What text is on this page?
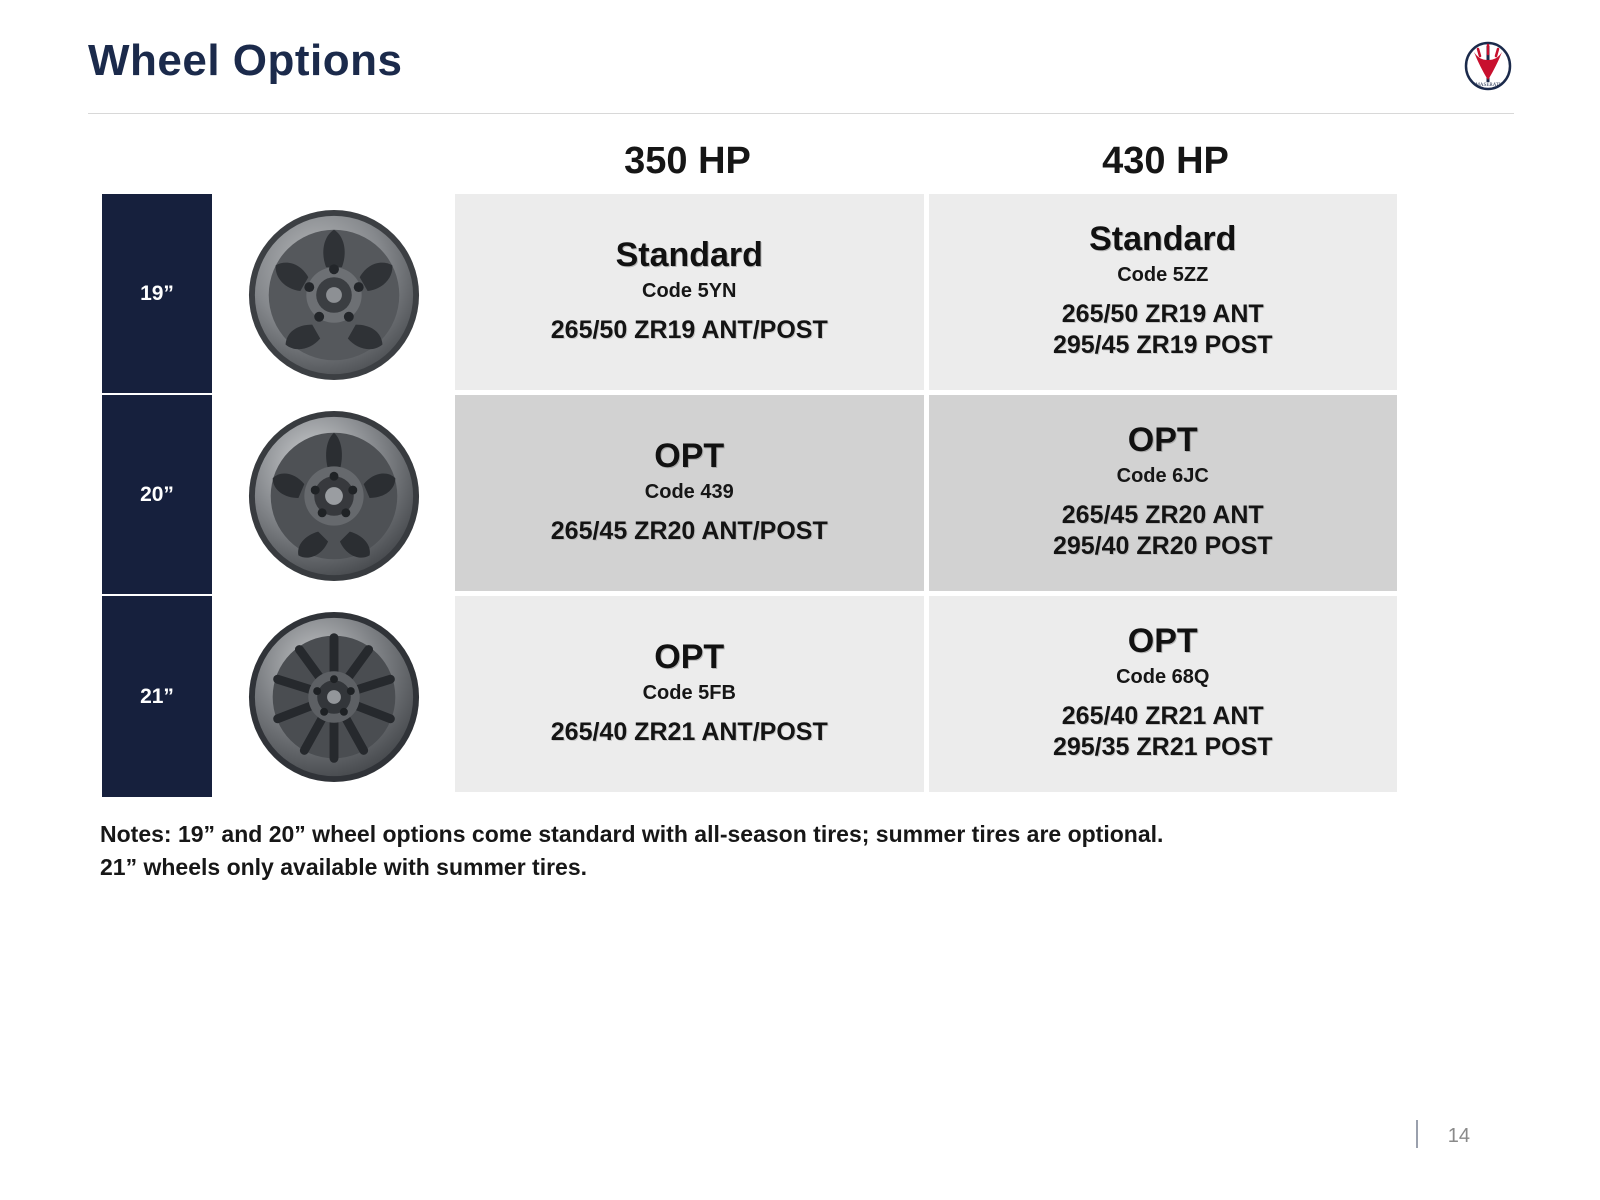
Wheel Options
MASERATI
350 HP	430 HP
19”
Standard
Code 5YN
265/50 ZR19 ANT/POST
Standard
Code 5ZZ
265/50 ZR19 ANT
295/45 ZR19 POST
20”
OPT
Code 439
265/45 ZR20 ANT/POST
OPT
Code 6JC
265/45 ZR20 ANT
295/40 ZR20 POST
21”
OPT
Code 5FB
265/40 ZR21 ANT/POST
OPT
Code 68Q
265/40 ZR21 ANT
295/35 ZR21 POST
Notes: 19” and 20” wheel options come standard with all-season tires; summer tires are optional.
21” wheels only available with summer tires.
14
